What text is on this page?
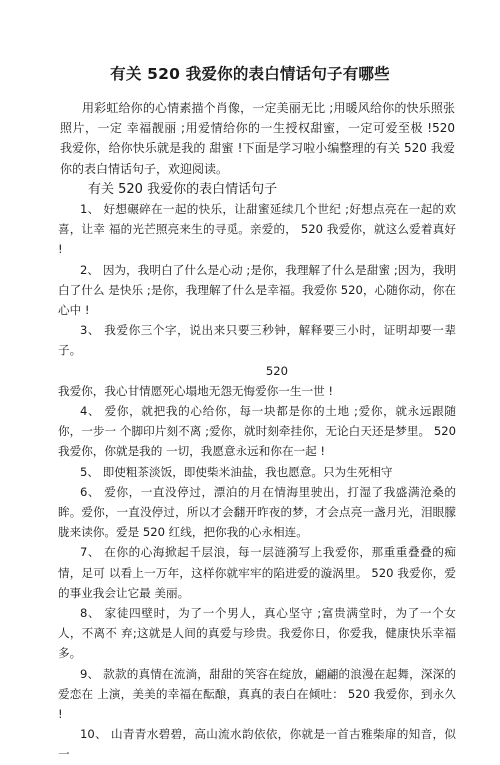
有关 520 我爱你的表白情话句子有哪些

用彩虹给你的心情素描个肖像，一定美丽无比 ;用暖风给你的快乐照张照片，一定 幸福靓丽 ;用爱情给你的一生授权甜蜜，一定可爱至极 !520 我爱你，给你快乐就是我的 甜蜜 !下面是学习啦小编整理的有关 520 我爱你的表白情话句子，欢迎阅读。

有关 520 我爱你的表白情话句子

1、 好想碾碎在一起的快乐，让甜蜜延续几个世纪 ;好想点亮在一起的欢喜，让幸 福的光芒照亮来生的寻觅。亲爱的， 520 我爱你，就这么爱着真好 !

2、 因为，我明白了什么是心动 ;是你，我理解了什么是甜蜜 ;因为，我明白了什么 是快乐 ;是你，我理解了什么是幸福。我爱你 520，心随你动，你在心中 !

3、 我爱你三个字，说出来只要三秒钟，解释要三小时，证明却要一辈子。

520

我爱你，我心甘情愿死心塌地无怨无悔爱你一生一世 !

4、 爱你，就把我的心给你，每一块都是你的土地 ;爱你，就永远跟随你，一步一 个脚印片刻不离 ;爱你，就时刻牵挂你，无论白天还是梦里。 520 我爱你，你就是我的 一切，我愿意永远和你在一起 !

5、 即使粗茶淡饭，即使柴米油盐，我也愿意。只为生死相守

6、 爱你，一直没停过，漂泊的月在情海里驶出，打湿了我盛满沧桑的眸。爱你，一直没停过，所以才会翻开昨夜的梦，才会点亮一盏月光，泪眼朦胧来读你。爱是 520 红线，把你我的心永相连。

7、 在你的心海掀起千层浪，每一层涟漪写上我爱你，那重重叠叠的痴情，足可 以看上一万年，这样你就牢牢的陷进爱的漩涡里。 520 我爱你，爱的事业我会让它最 美丽。

8、 家徒四壁时，为了一个男人，真心坚守 ;富贵满堂时，为了一个女人，不离不 弃;这就是人间的真爱与珍贵。我爱你日，你爱我，健康快乐幸福多。

9、 款款的真情在流淌，甜甜的笑容在绽放，翩翩的浪漫在起舞，深深的爱恋在 上演，美美的幸福在酝酿，真真的表白在倾吐： 520 我爱你，到永久 !

10、 山青青水碧碧，高山流水韵依依，你就是一首古雅柴扉的知音，似一
